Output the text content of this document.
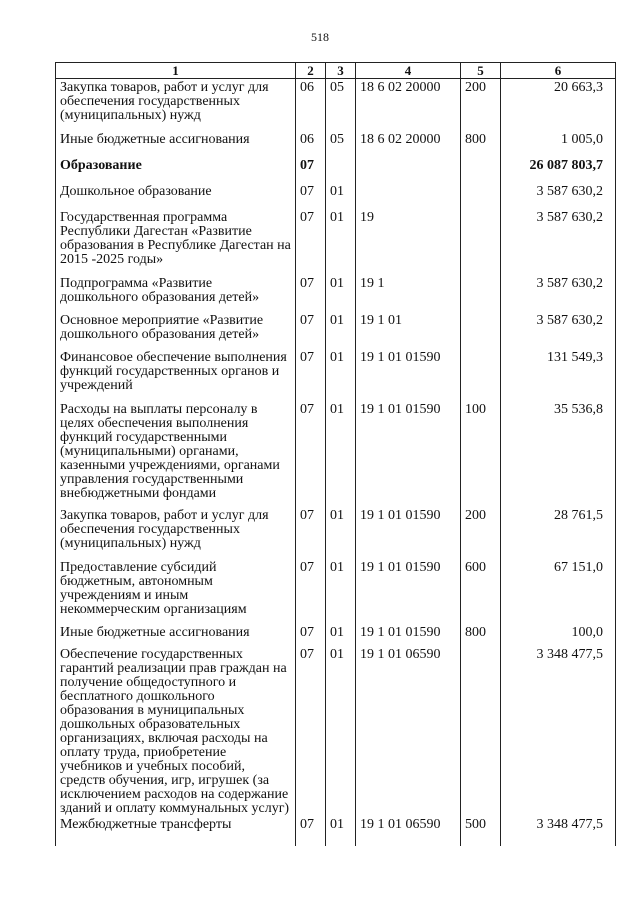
518
1	2	3	4	5	6
Закупка товаров, работ и услуг для обеспечения государственных (муниципальных) нужд	06	05	18 6 02 20000	200	20 663,3
Иные бюджетные ассигнования	06	05	18 6 02 20000	800	1 005,0
Образование	07				26 087 803,7
Дошкольное образование	07	01			3 587 630,2
Государственная программа Республики Дагестан «Развитие образования в Республике Дагестан на 2015 -2025 годы»	07	01	19		3 587 630,2
Подпрограмма «Развитие дошкольного образования детей»	07	01	19 1		3 587 630,2
Основное мероприятие «Развитие дошкольного образования детей»	07	01	19 1 01		3 587 630,2
Финансовое обеспечение выполнения функций государственных органов и учреждений	07	01	19 1 01 01590		131 549,3
Расходы на выплаты персоналу в целях обеспечения выполнения функций государственными (муниципальными) органами, казенными учреждениями, органами управления государственными внебюджетными фондами	07	01	19 1 01 01590	100	35 536,8
Закупка товаров, работ и услуг для обеспечения государственных (муниципальных) нужд	07	01	19 1 01 01590	200	28 761,5
Предоставление субсидий бюджетным, автономным учреждениям и иным некоммерческим организациям	07	01	19 1 01 01590	600	67 151,0
Иные бюджетные ассигнования	07	01	19 1 01 01590	800	100,0
Обеспечение государственных гарантий реализации прав граждан на получение общедоступного и бесплатного дошкольного образования в муниципальных дошкольных образовательных организациях, включая расходы на оплату труда, приобретение учебников и учебных пособий, средств обучения, игр, игрушек (за исключением расходов на содержание зданий и оплату коммунальных услуг)	07	01	19 1 01 06590		3 348 477,5
Межбюджетные трансферты	07	01	19 1 01 06590	500	3 348 477,5
